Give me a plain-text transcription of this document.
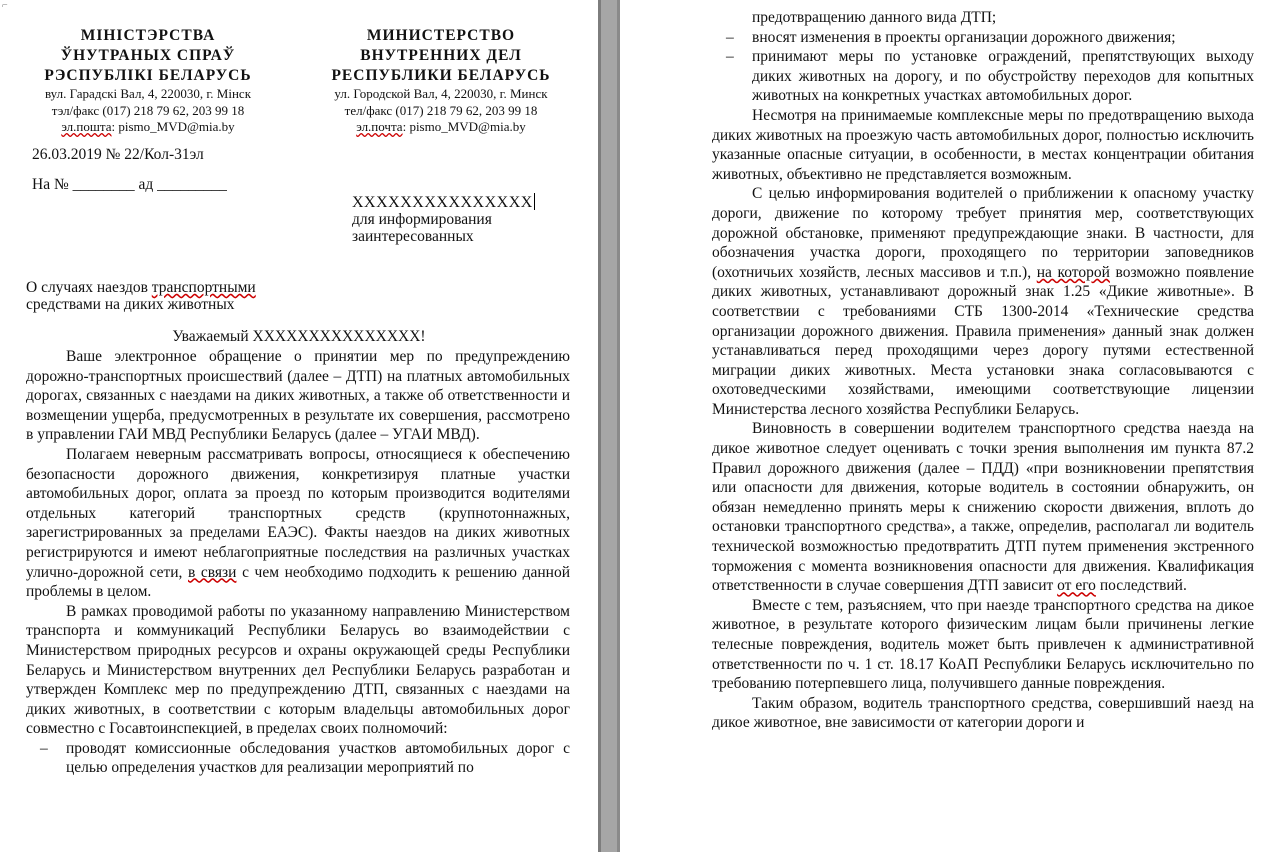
⌐
МІНІСТЭРСТВА
ЎНУТРАНЫХ СПРАЎ
РЭСПУБЛІКІ БЕЛАРУСЬ
МИНИСТЕРСТВО
ВНУТРЕННИХ ДЕЛ
РЕСПУБЛИКИ БЕЛАРУСЬ
вул. Гарадскі Вал, 4, 220030, г. Мінск
тэл/факс (017) 218 79 62, 203 99 18
эл.пошта: pismo_MVD@mia.by
ул. Городской Вал, 4, 220030, г. Минск
тел/факс (017) 218 79 62, 203 99 18
эл.почта: pismo_MVD@mia.by
26.03.2019 № 22/Кол-31эл
На № ________ ад _________
ХХХХХХХХХХХХХХХ
для информирования
заинтересованных
О случаях наездов транспортными
средствами на диких животных
Уважаемый ХХХХХХХХХХХХХХХ!

Ваше электронное обращение о принятии мер по предупреждению дорожно-транспортных происшествий (далее – ДТП) на платных автомобильных дорогах, связанных с наездами на диких животных, а также об ответственности и возмещении ущерба, предусмотренных в результате их совершения, рассмотрено в управлении ГАИ МВД Республики Беларусь (далее – УГАИ МВД).

Полагаем неверным рассматривать вопросы, относящиеся к обеспечению безопасности дорожного движения, конкретизируя платные участки автомобильных дорог, оплата за проезд по которым производится водителями отдельных категорий транспортных средств (крупнотоннажных, зарегистрированных за пределами ЕАЭС). Факты наездов на диких животных регистрируются и имеют неблагоприятные последствия на различных участках улично-дорожной сети, в связи с чем необходимо подходить к решению данной проблемы в целом.

В рамках проводимой работы по указанному направлению Министерством транспорта и коммуникаций Республики Беларусь во взаимодействии с Министерством природных ресурсов и охраны окружающей среды Республики Беларусь и Министерством внутренних дел Республики Беларусь разработан и утвержден Комплекс мер по предупреждению ДТП, связанных с наездами на диких животных, в соответствии с которым владельцы автомобильных дорог совместно с Госавтоинспекцией, в пределах своих полномочий:

–	проводят комиссионные обследования участков автомобильных дорог с целью определения участков для реализации мероприятий по
предотвращению данного вида ДТП;
–	вносят изменения в проекты организации дорожного движения;
–	принимают меры по установке ограждений, препятствующих выходу диких животных на дорогу, и по обустройству переходов для копытных животных на конкретных участках автомобильных дорог.

Несмотря на принимаемые комплексные меры по предотвращению выхода диких животных на проезжую часть автомобильных дорог, полностью исключить указанные опасные ситуации, в особенности, в местах концентрации обитания животных, объективно не представляется возможным.

С целью информирования водителей о приближении к опасному участку дороги, движение по которому требует принятия мер, соответствующих дорожной обстановке, применяют предупреждающие знаки. В частности, для обозначения участка дороги, проходящего по территории заповедников (охотничьих хозяйств, лесных массивов и т.п.), на которой возможно появление диких животных, устанавливают дорожный знак 1.25 «Дикие животные». В соответствии с требованиями СТБ 1300-2014 «Технические средства организации дорожного движения. Правила применения» данный знак должен устанавливаться перед проходящими через дорогу путями естественной миграции диких животных. Места установки знака согласовываются с охотоведческими хозяйствами, имеющими соответствующие лицензии Министерства лесного хозяйства Республики Беларусь.

Виновность в совершении водителем транспортного средства наезда на дикое животное следует оценивать с точки зрения выполнения им пункта 87.2 Правил дорожного движения (далее – ПДД) «при возникновении препятствия или опасности для движения, которые водитель в состоянии обнаружить, он обязан немедленно принять меры к снижению скорости движения, вплоть до остановки транспортного средства», а также, определив, располагал ли водитель технической возможностью предотвратить ДТП путем применения экстренного торможения с момента возникновения опасности для движения. Квалификация ответственности в случае совершения ДТП зависит от его последствий.

Вместе с тем, разъясняем, что при наезде транспортного средства на дикое животное, в результате которого физическим лицам были причинены легкие телесные повреждения, водитель может быть привлечен к административной ответственности по ч. 1 ст. 18.17 КоАП Республики Беларусь исключительно по требованию потерпевшего лица, получившего данные повреждения.

Таким образом, водитель транспортного средства, совершивший наезд на дикое животное, вне зависимости от категории дороги и
